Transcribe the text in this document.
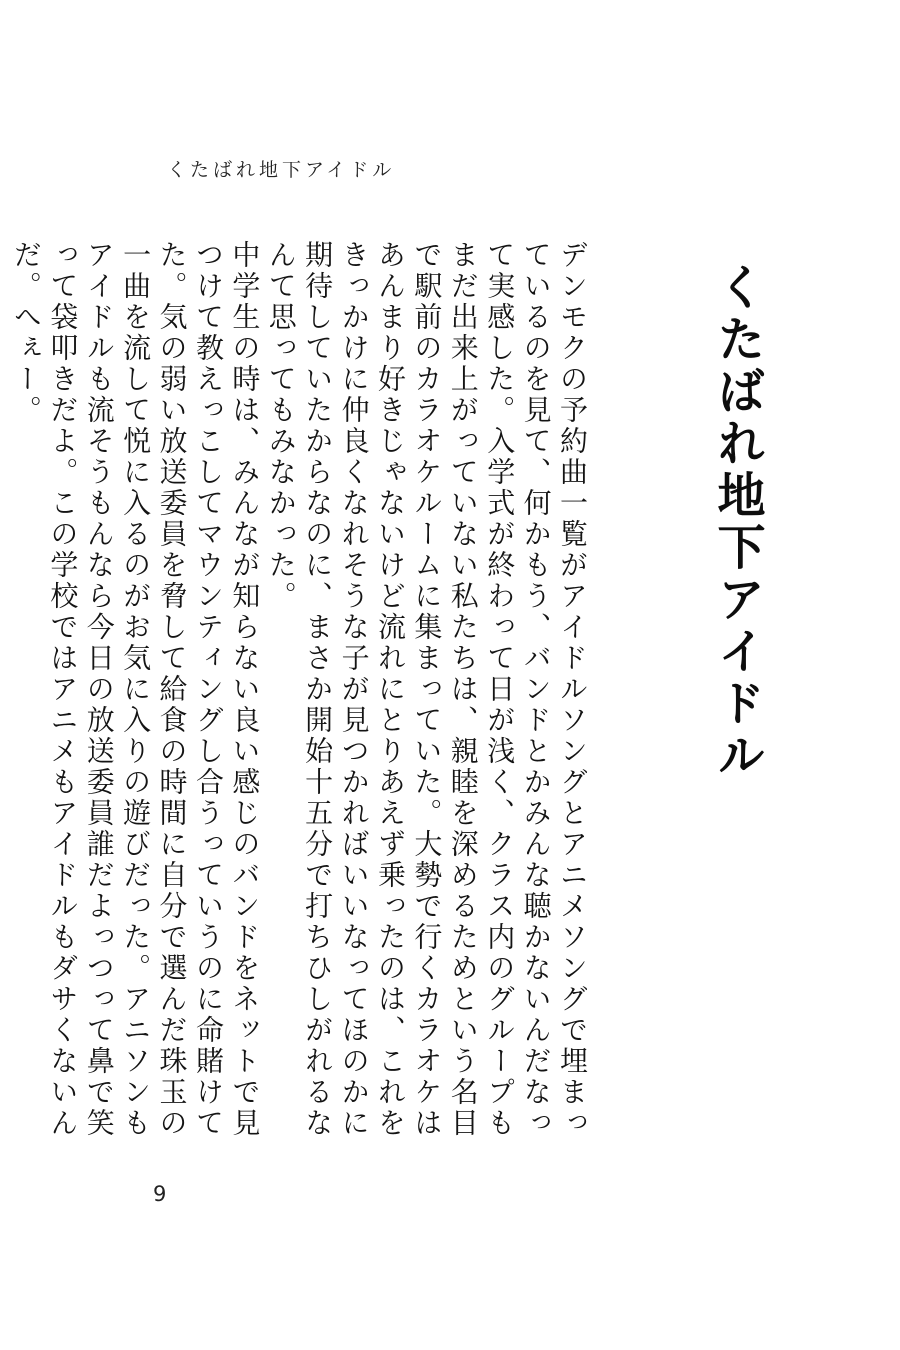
くたばれ地下アイドル
くたばれ地下アイドル

デンモクの予約曲一覧がアイドルソングとアニメソングで埋まっているのを見て、何かもう、バンドとかみんな聴かないんだなって実感した。入学式が終わって日が浅く、クラス内のグループもまだ出来上がっていない私たちは、親睦を深めるためという名目で駅前のカラオケルームに集まっていた。大勢で行くカラオケはあんまり好きじゃないけど流れにとりあえず乗ったのは、これをきっかけに仲良くなれそうな子が見つかればいいなってほのかに期待していたからなのに、まさか開始十五分で打ちひしがれるなんて思ってもみなかった。

中学生の時は、みんなが知らない良い感じのバンドをネットで見つけて教えっこしてマウンティングし合うっていうのに命賭けてた。気の弱い放送委員を脅して給食の時間に自分で選んだ珠玉の一曲を流して悦に入るのがお気に入りの遊びだった。アニソンもアイドルも流そうもんなら今日の放送委員誰だよっつって鼻で笑って袋叩きだよ。この学校ではアニメもアイドルもダサくないんだ。へぇー。

9
